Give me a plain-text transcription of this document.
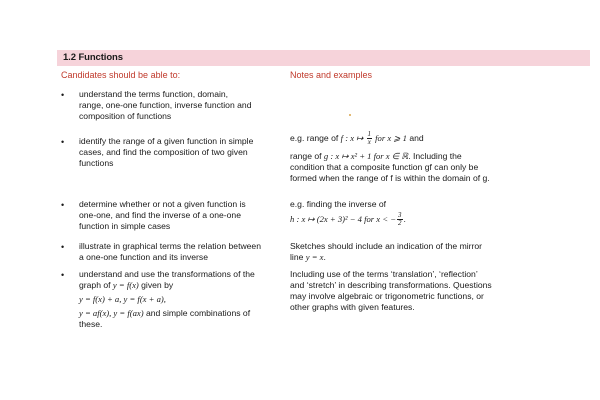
1.2 Functions
Candidates should be able to:	Notes and examples
• understand the terms function, domain,
range, one-one function, inverse function and
composition of functions
• identify the range of a given function in simple
cases, and find the composition of two given
functions
e.g. range of f : x ↦ $\frac{1}{x}$ for x ⩾ 1 and
range of g : x ↦ x² + 1 for x ∈ ℝ. Including the
condition that a composite function gf can only be
formed when the range of f is within the domain of g.
• determine whether or not a given function is
one-one, and find the inverse of a one-one
function in simple cases
e.g. finding the inverse of
h : x ↦ (2x + 3)² − 4 for x < − $\frac{3}{2}$ .
• illustrate in graphical terms the relation between
a one-one function and its inverse
Sketches should include an indication of the mirror
line y = x.
• understand and use the transformations of the
graph of y = f(x) given by
y = f(x) + a, y = f(x + a),
y = af(x), y = f(ax) and simple combinations of
these.
Including use of the terms ‘translation’, ‘reflection’
and ‘stretch’ in describing transformations. Questions
may involve algebraic or trigonometric functions, or
other graphs with given features.
